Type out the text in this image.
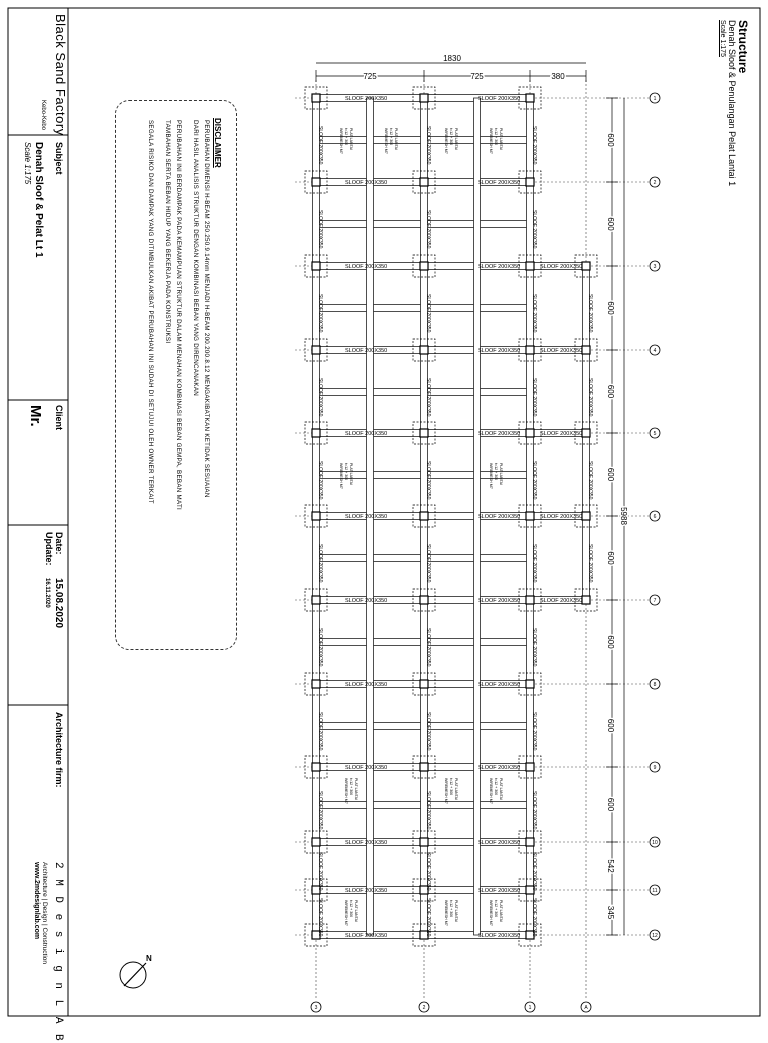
Black Sand Factory
Kebo-Kebo
Subject
Denah Sloof & Pelat Lt 1
Scale 1:175
Client
Mr.
Date:
15.08.2020
Update:
16.11.2020
Architecture firm:
2 M D e s i g n L A B
Architecture | Design | Construction
www.2mdesignlab.com
DISCLAIMER
PERUBAHAN DIMENSI H-BEAM 250.250.9.14mm MENJADI H-BEAM 200.200.8.12 MENGAKIBATKAN KETIDAK SESUAIAN
DARI HASIL ANALISIS STRUKTUR DENGAN KOMBINASI BEBAN YANG DIRENCANAKAN
PERUBAHAN INI BERDAMPAK PADA KEMAMPUAN STRUKTUR DALAM MENAHAN KOMBINASI BEBAN GEMPA, BEBAN MATI
TAMBAHAN SERTA BEBAN HIDUP YANG BEKERJA PADA KONSTRUKSI
SEGALA RISIKO DAN DAMPAK YANG DITIMBULKAN AKIBAT PERUBAHAN INI SUDAH DI SETUJUI OLEH OWNER TERKAIT
Structure
Denah Sloof & Penulangan Pelat Lantai 1
Scale 1:175
SLOOF 200X350	SLOOF 200X350
SLOOF 200X350	SLOOF 200X350
SLOOF 200X350	SLOOF 200X350
SLOOF 200X350	SLOOF 200X350
SLOOF 200X350	SLOOF 200X350
SLOOF 200X350	SLOOF 200X350
SLOOF 200X350	SLOOF 200X350
SLOOF 200X350	SLOOF 200X350
SLOOF 200X350	SLOOF 200X350
SLOOF 200X350	SLOOF 200X350
SLOOF 200X350	SLOOF 200X350
SLOOF 200X350	SLOOF 200X350
SLOOF 200X350
SLOOF 200X350
SLOOF 200X350
SLOOF 200X350
SLOOF 200X350
SLOOF 200X350	SLOOF 200X350	SLOOF 200X350
SLOOF 200X350	SLOOF 200X350	SLOOF 200X350
SLOOF 200X350	SLOOF 200X350	SLOOF 200X350
SLOOF 200X350	SLOOF 200X350	SLOOF 200X350
SLOOF 200X350	SLOOF 200X350	SLOOF 200X350
SLOOF 200X350	SLOOF 200X350	SLOOF 200X350
SLOOF 200X350	SLOOF 200X350	SLOOF 200X350
SLOOF 200X350	SLOOF 200X350	SLOOF 200X350
SLOOF 200X350	SLOOF 200X350	SLOOF 200X350
SLOOF 200X350	SLOOF 200X350	SLOOF 200X350
SLOOF 200X350	SLOOF 200X350	SLOOF 200X350
SLOOF 200X350
SLOOF 200X350
SLOOF 200X350
SLOOF 200X350
PLAT LANTAI
t=12 + 300
WIREMESH M7	PLAT LANTAI
t=12 + 300
WIREMESH M7	PLAT LANTAI
t=12 + 300
WIREMESH M7
PLAT LANTAI
t=12 + 300
WIREMESH M7	PLAT LANTAI
t=12 + 300
WIREMESH M7
PLAT LANTAI
t=12 + 300
WIREMESH M7	PLAT LANTAI
t=12 + 300
WIREMESH M7	PLAT LANTAI
t=12 + 300
WIREMESH M7
PLAT LANTAI
t=12 + 300
WIREMESH M7	PLAT LANTAI
t=12 + 300
WIREMESH M7	PLAT LANTAI
t=12 + 300
WIREMESH M7
PLAT LANTAI
t=12 + 300
WIREMESH M7
1
2
3
4
5
6
7
8
9
10
11
12
3	2	1	A
1830
725	725	380
600
600
600
600
600
600
600
600
600
542
345
5988
N
